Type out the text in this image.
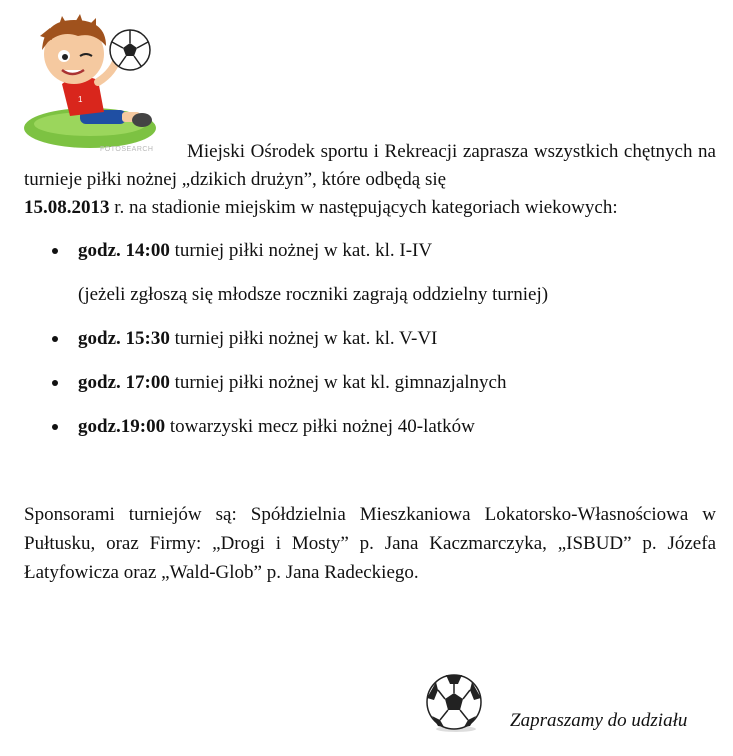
1
FOTOSEARCH	Miejski Ośrodek sportu i Rekreacji zaprasza wszystkich chętnych na turnieje piłki nożnej „dzikich drużyn”, które odbędą się
15.08.2013 r. na stadionie miejskim w następujących kategoriach wiekowych:

godz. 14:00 turniej piłki nożnej w kat. kl. I-IV
(jeżeli zgłoszą się młodsze roczniki zagrają oddzielny turniej)
godz. 15:30 turniej piłki nożnej w kat. kl. V-VI
godz. 17:00 turniej piłki nożnej w kat kl. gimnazjalnych
godz.19:00 towarzyski mecz piłki nożnej 40-latków

Sponsorami turniejów są: Spółdzielnia Mieszkaniowa Lokatorsko-Własnościowa w Pułtusku, oraz Firmy: „Drogi i Mosty” p. Jana Kaczmarczyka, „ISBUD” p. Józefa Łatyfowicza oraz „Wald-Glob” p. Jana Radeckiego.

Zapraszamy do udziału
